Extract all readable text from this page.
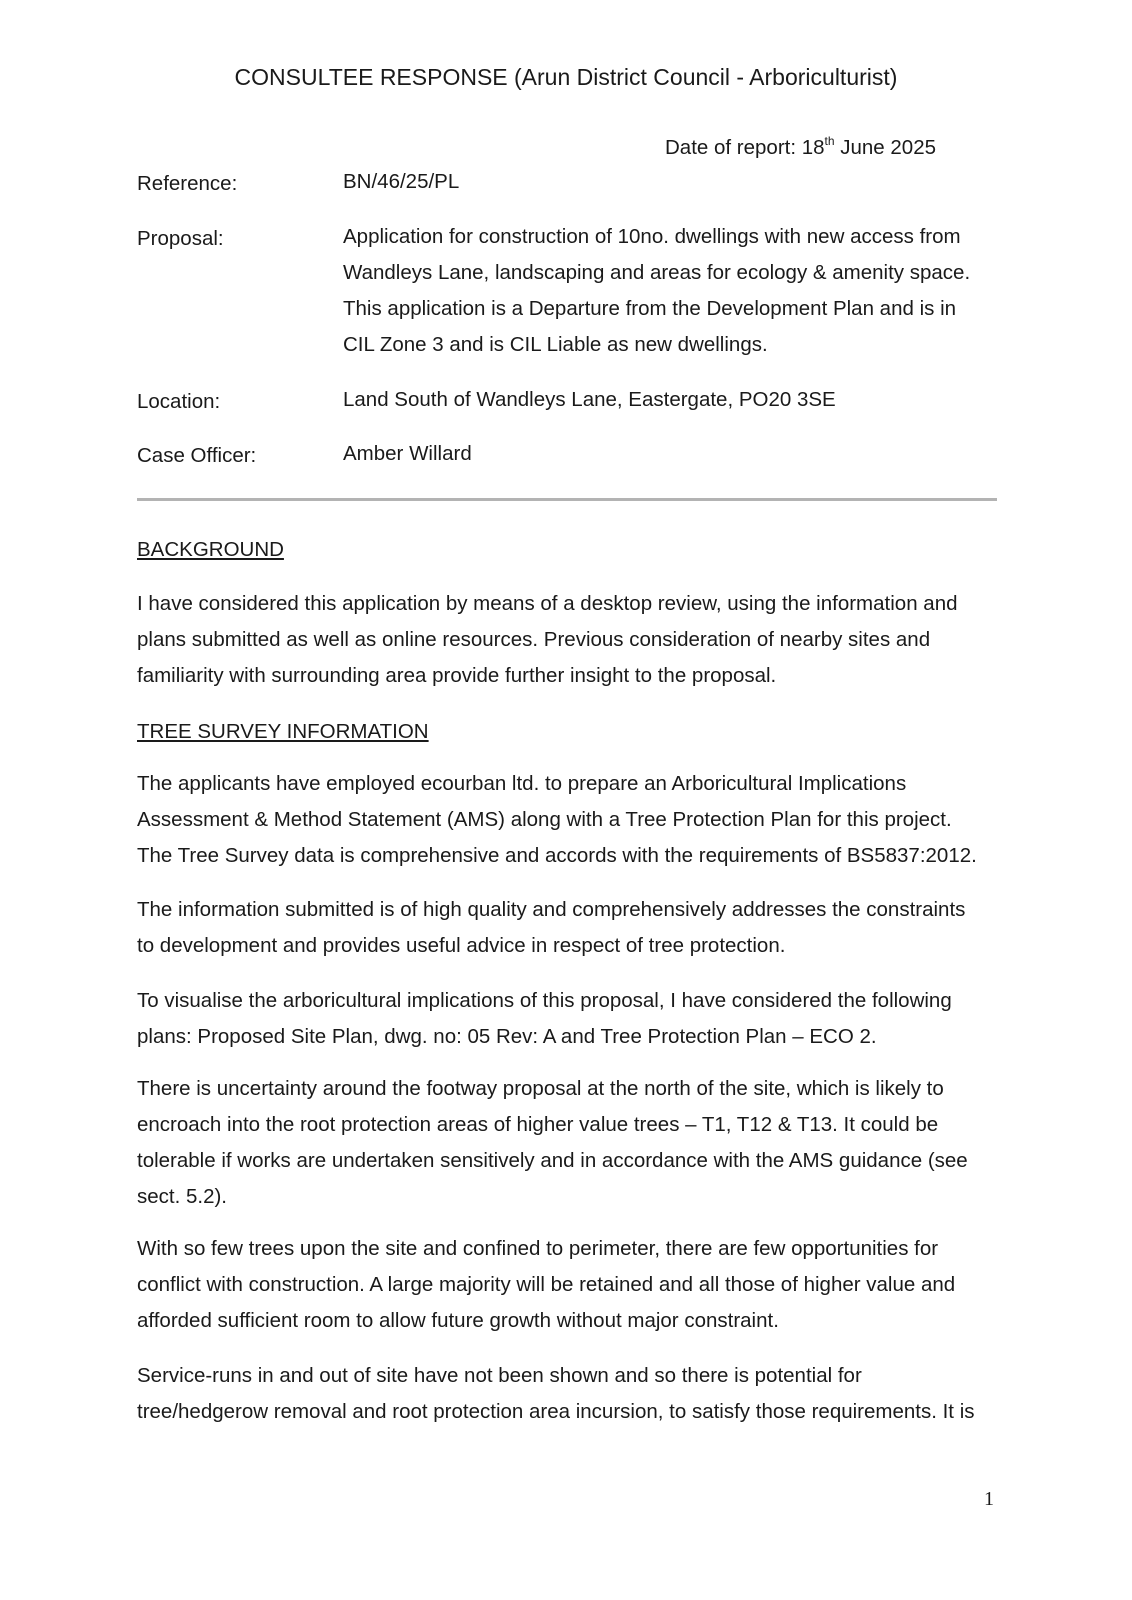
CONSULTEE RESPONSE (Arun District Council - Arboriculturist)
Date of report: 18th June 2025
Reference:	BN/46/25/PL
Proposal:	Application for construction of 10no. dwellings with new access from
Wandleys Lane, landscaping and areas for ecology & amenity space.
This application is a Departure from the Development Plan and is in
CIL Zone 3 and is CIL Liable as new dwellings.
Location:	Land South of Wandleys Lane, Eastergate, PO20 3SE
Case Officer:	Amber Willard
BACKGROUND
I have considered this application by means of a desktop review, using the information and
plans submitted as well as online resources. Previous consideration of nearby sites and
familiarity with surrounding area provide further insight to the proposal.
TREE SURVEY INFORMATION
The applicants have employed ecourban ltd. to prepare an Arboricultural Implications
Assessment & Method Statement (AMS) along with a Tree Protection Plan for this project.
The Tree Survey data is comprehensive and accords with the requirements of BS5837:2012.
The information submitted is of high quality and comprehensively addresses the constraints
to development and provides useful advice in respect of tree protection.
To visualise the arboricultural implications of this proposal, I have considered the following
plans: Proposed Site Plan, dwg. no: 05 Rev: A and Tree Protection Plan – ECO 2.
There is uncertainty around the footway proposal at the north of the site, which is likely to
encroach into the root protection areas of higher value trees – T1, T12 & T13. It could be
tolerable if works are undertaken sensitively and in accordance with the AMS guidance (see
sect. 5.2).
With so few trees upon the site and confined to perimeter, there are few opportunities for
conflict with construction. A large majority will be retained and all those of higher value and
afforded sufficient room to allow future growth without major constraint.
Service-runs in and out of site have not been shown and so there is potential for
tree/hedgerow removal and root protection area incursion, to satisfy those requirements. It is
1
